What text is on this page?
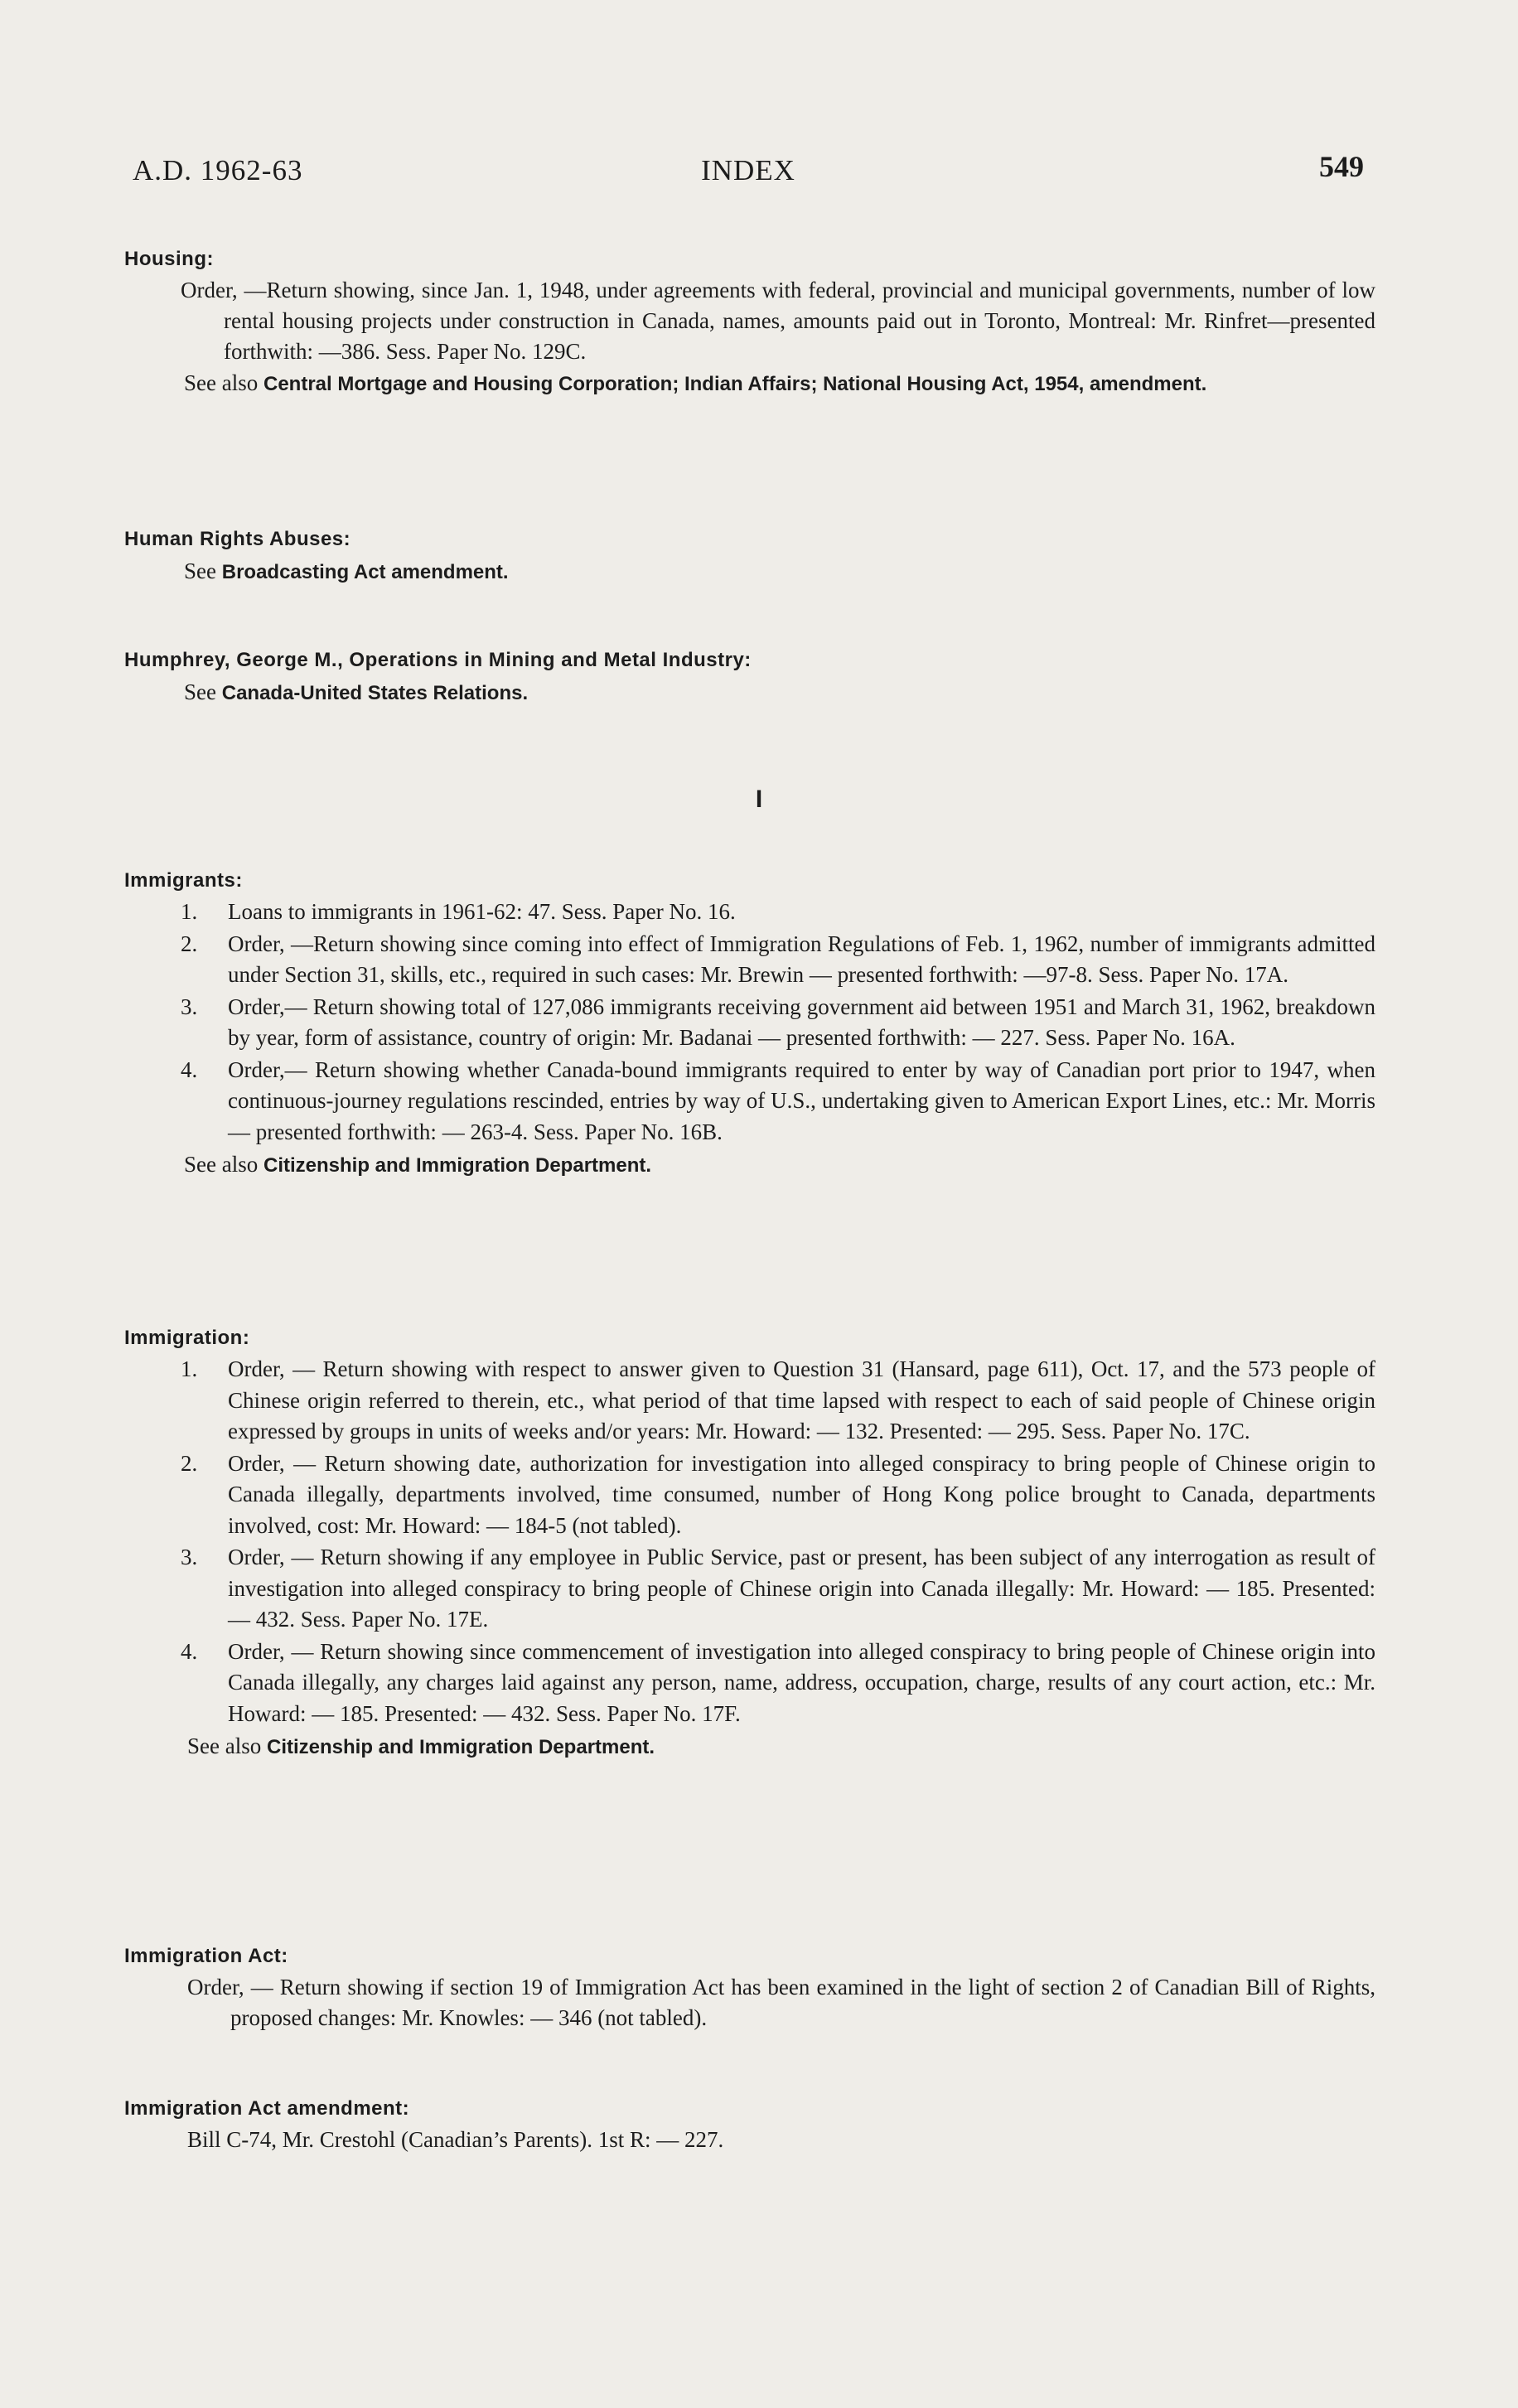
A.D. 1962-63	INDEX	549
Housing:
Order, —Return showing, since Jan. 1, 1948, under agreements with federal, provincial and municipal governments, number of low rental housing projects under construction in Canada, names, amounts paid out in Toronto, Montreal: Mr. Rinfret—presented forthwith: —386. Sess. Paper No. 129C.
See also Central Mortgage and Housing Corporation; Indian Affairs; National Housing Act, 1954, amendment.
Human Rights Abuses:
See Broadcasting Act amendment.
Humphrey, George M., Operations in Mining and Metal Industry:
See Canada-United States Relations.
I
Immigrants:
1. Loans to immigrants in 1961-62: 47. Sess. Paper No. 16.
2. Order, —Return showing since coming into effect of Immigration Regulations of Feb. 1, 1962, number of immigrants admitted under Section 31, skills, etc., required in such cases: Mr. Brewin — presented forthwith: —97-8. Sess. Paper No. 17A.
3. Order,— Return showing total of 127,086 immigrants receiving government aid between 1951 and March 31, 1962, breakdown by year, form of assistance, country of origin: Mr. Badanai — presented forthwith: — 227. Sess. Paper No. 16A.
4. Order,— Return showing whether Canada-bound immigrants required to enter by way of Canadian port prior to 1947, when continuous-journey regulations rescinded, entries by way of U.S., undertaking given to American Export Lines, etc.: Mr. Morris — presented forthwith: — 263-4. Sess. Paper No. 16B.
See also Citizenship and Immigration Department.
Immigration:
1. Order, — Return showing with respect to answer given to Question 31 (Hansard, page 611), Oct. 17, and the 573 people of Chinese origin referred to therein, etc., what period of that time lapsed with respect to each of said people of Chinese origin expressed by groups in units of weeks and/or years: Mr. Howard: — 132. Presented: — 295. Sess. Paper No. 17C.
2. Order, — Return showing date, authorization for investigation into alleged conspiracy to bring people of Chinese origin to Canada illegally, departments involved, time consumed, number of Hong Kong police brought to Canada, departments involved, cost: Mr. Howard: — 184-5 (not tabled).
3. Order, — Return showing if any employee in Public Service, past or present, has been subject of any interrogation as result of investigation into alleged conspiracy to bring people of Chinese origin into Canada illegally: Mr. Howard: — 185. Presented: — 432. Sess. Paper No. 17E.
4. Order, — Return showing since commencement of investigation into alleged conspiracy to bring people of Chinese origin into Canada illegally, any charges laid against any person, name, address, occupation, charge, results of any court action, etc.: Mr. Howard: — 185. Presented: — 432. Sess. Paper No. 17F.
See also Citizenship and Immigration Department.
Immigration Act:
Order, — Return showing if section 19 of Immigration Act has been examined in the light of section 2 of Canadian Bill of Rights, proposed changes: Mr. Knowles: — 346 (not tabled).
Immigration Act amendment:
Bill C-74, Mr. Crestohl (Canadian’s Parents). 1st R: — 227.
